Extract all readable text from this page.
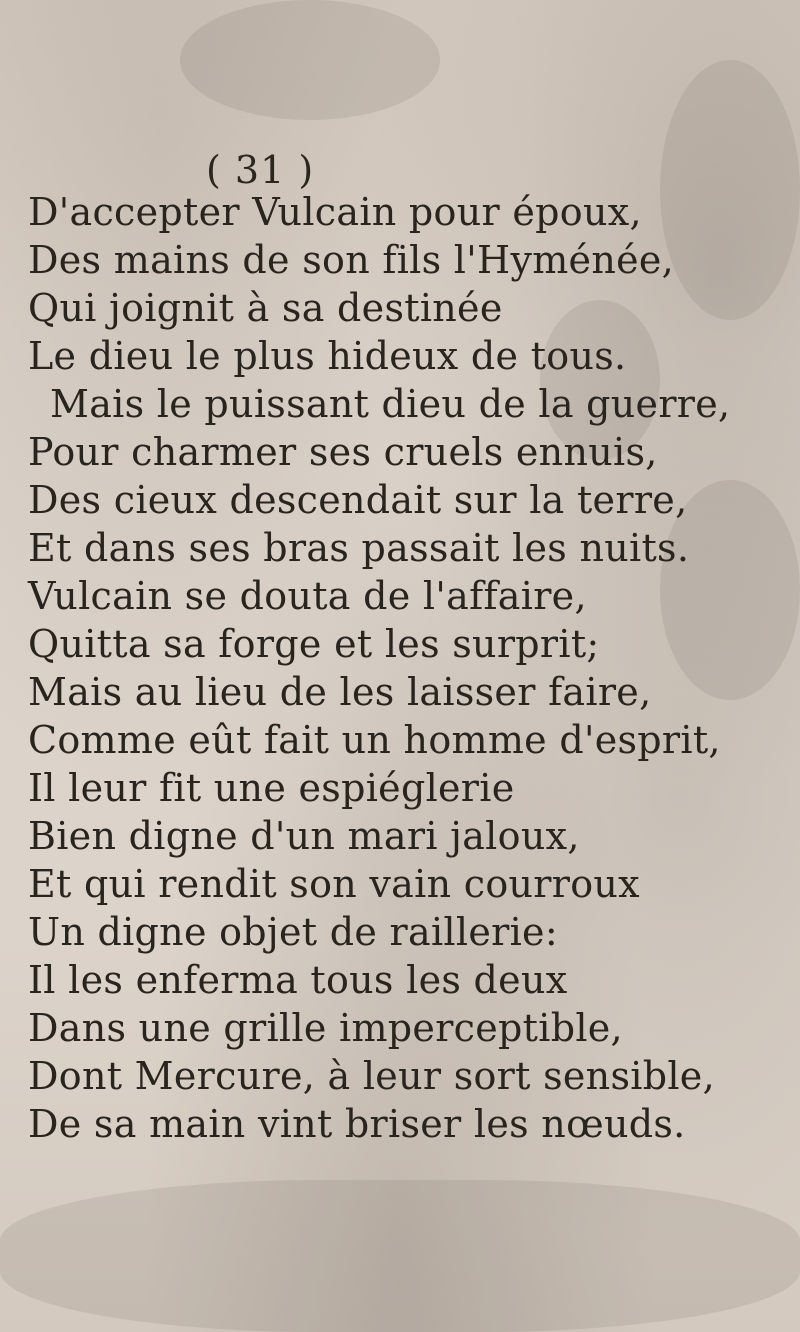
( 31 )
D'accepter Vulcain pour époux,
Des mains de son fils l'Hyménée,
Qui joignit à sa destinée
Le dieu le plus hideux de tous.
Mais le puissant dieu de la guerre,
Pour charmer ses cruels ennuis,
Des cieux descendait sur la terre,
Et dans ses bras passait les nuits.
Vulcain se douta de l'affaire,
Quitta sa forge et les surprit;
Mais au lieu de les laisser faire,
Comme eût fait un homme d'esprit,
Il leur fit une espiéglerie
Bien digne d'un mari jaloux,
Et qui rendit son vain courroux
Un digne objet de raillerie:
Il les enferma tous les deux
Dans une grille imperceptible,
Dont Mercure, à leur sort sensible,
De sa main vint briser les nœuds.
